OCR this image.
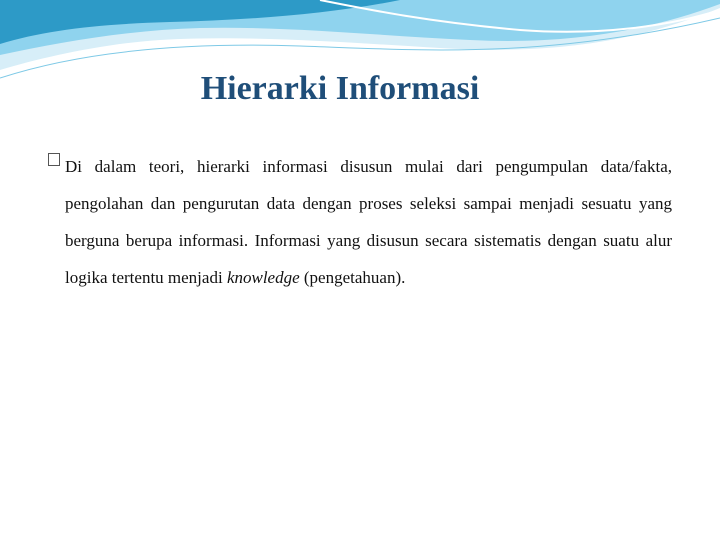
Hierarki Informasi

Di dalam teori, hierarki informasi disusun mulai dari pengumpulan data/fakta, pengolahan dan pengurutan data dengan proses seleksi sampai menjadi sesuatu yang berguna berupa informasi. Informasi yang disusun secara sistematis dengan suatu alur logika tertentu menjadi knowledge (pengetahuan).
